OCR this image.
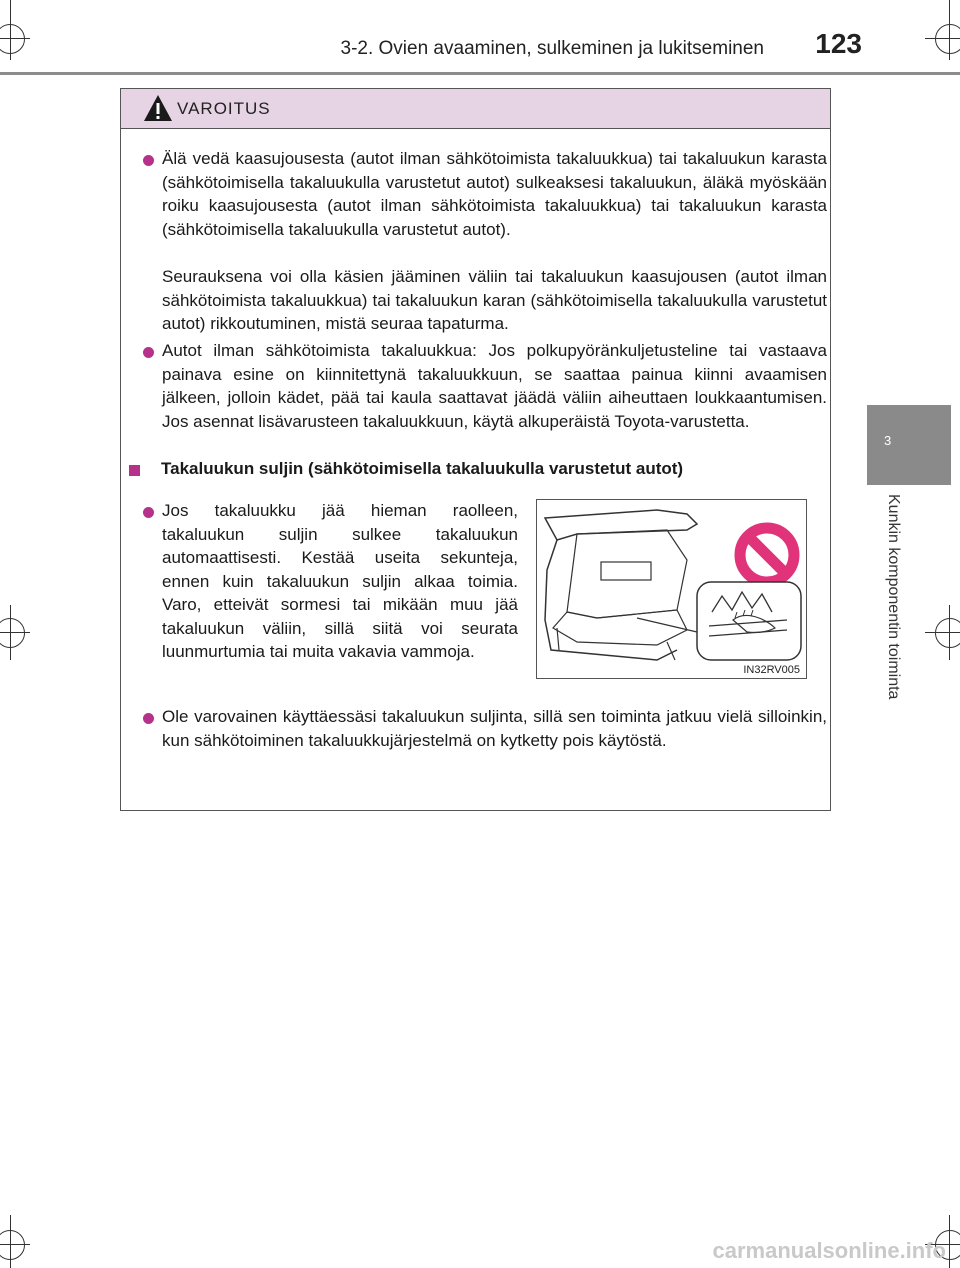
3-2. Ovien avaaminen, sulkeminen ja lukitseminen 123
3
Kunkin komponentin toiminta
VAROITUS
Älä vedä kaasujousesta (autot ilman sähkötoimista takaluukkua) tai takaluukun karasta (sähkötoimisella takaluukulla varustetut autot) sulkeaksesi takaluukun, äläkä myöskään roiku kaasujousesta (autot ilman sähkötoimista takaluukkua) tai takaluukun karasta (sähkötoimisella takaluukulla varustetut autot).
Seurauksena voi olla käsien jääminen väliin tai takaluukun kaasujousen (autot ilman sähkötoimista takaluukkua) tai takaluukun karan (sähkötoimisella takaluukulla varustetut autot) rikkoutuminen, mistä seuraa tapaturma.
Autot ilman sähkötoimista takaluukkua: Jos polkupyöränkuljetusteline tai vastaava painava esine on kiinnitettynä takaluukkuun, se saattaa painua kiinni avaamisen jälkeen, jolloin kädet, pää tai kaula saattavat jäädä väliin aiheuttaen loukkaantumisen. Jos asennat lisävarusteen takaluukkuun, käytä alkuperäistä Toyota-varustetta.
Takaluukun suljin (sähkötoimisella takaluukulla varustetut autot)
Jos takaluukku jää hieman raolleen, takaluukun suljin sulkee takaluukun automaattisesti. Kestää useita sekunteja, ennen kuin takaluukun suljin alkaa toimia. Varo, etteivät sormesi tai mikään muu jää takaluukun väliin, sillä siitä voi seurata luunmurtumia tai muita vakavia vammoja.
IN32RV005
Ole varovainen käyttäessäsi takaluukun suljinta, sillä sen toiminta jatkuu vielä silloinkin, kun sähkötoiminen takaluukkujärjestelmä on kytketty pois käytöstä.
carmanualsonline.info
